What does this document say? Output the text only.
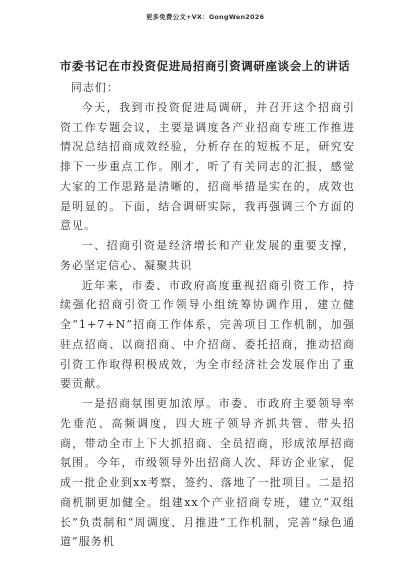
更多免费公文+VX：GongWen2026
市委书记在市投资促进局招商引资调研座谈会上的讲话

同志们：

今天，我到市投资促进局调研，并召开这个招商引资工作专题会议，主要是调度各产业招商专班工作推进情况总结招商成效经验，分析存在的短板不足，研究安排下一步重点工作。刚才，听了有关同志的汇报，感觉大家的工作思路是清晰的，招商举措是实在的，成效也是明显的。下面，结合调研实际，我再强调三个方面的意见。

一、招商引资是经济增长和产业发展的重要支撑，务必坚定信心、凝聚共识

近年来，市委、市政府高度重视招商引资工作，持续强化招商引资工作领导小组统筹协调作用，建立健全“1+7+N”招商工作体系，完善项目工作机制，加强驻点招商、以商招商、中介招商、委托招商，推动招商引资工作取得积极成效，为全市经济社会发展作出了重要贡献。

一是招商氛围更加浓厚。市委、市政府主要领导率先垂范、高频调度，四大班子领导齐抓共管、带头招商，带动全市上下大抓招商、全员招商，形成浓厚招商氛围。今年，市级领导外出招商人次、拜访企业家，促成一批企业到xx考察，签约、落地了一批项目。二是招商机制更加健全。组建xx个产业招商专班，建立“双组长”负责制和“周调度、月推进”工作机制，完善“绿色通道”服务机
